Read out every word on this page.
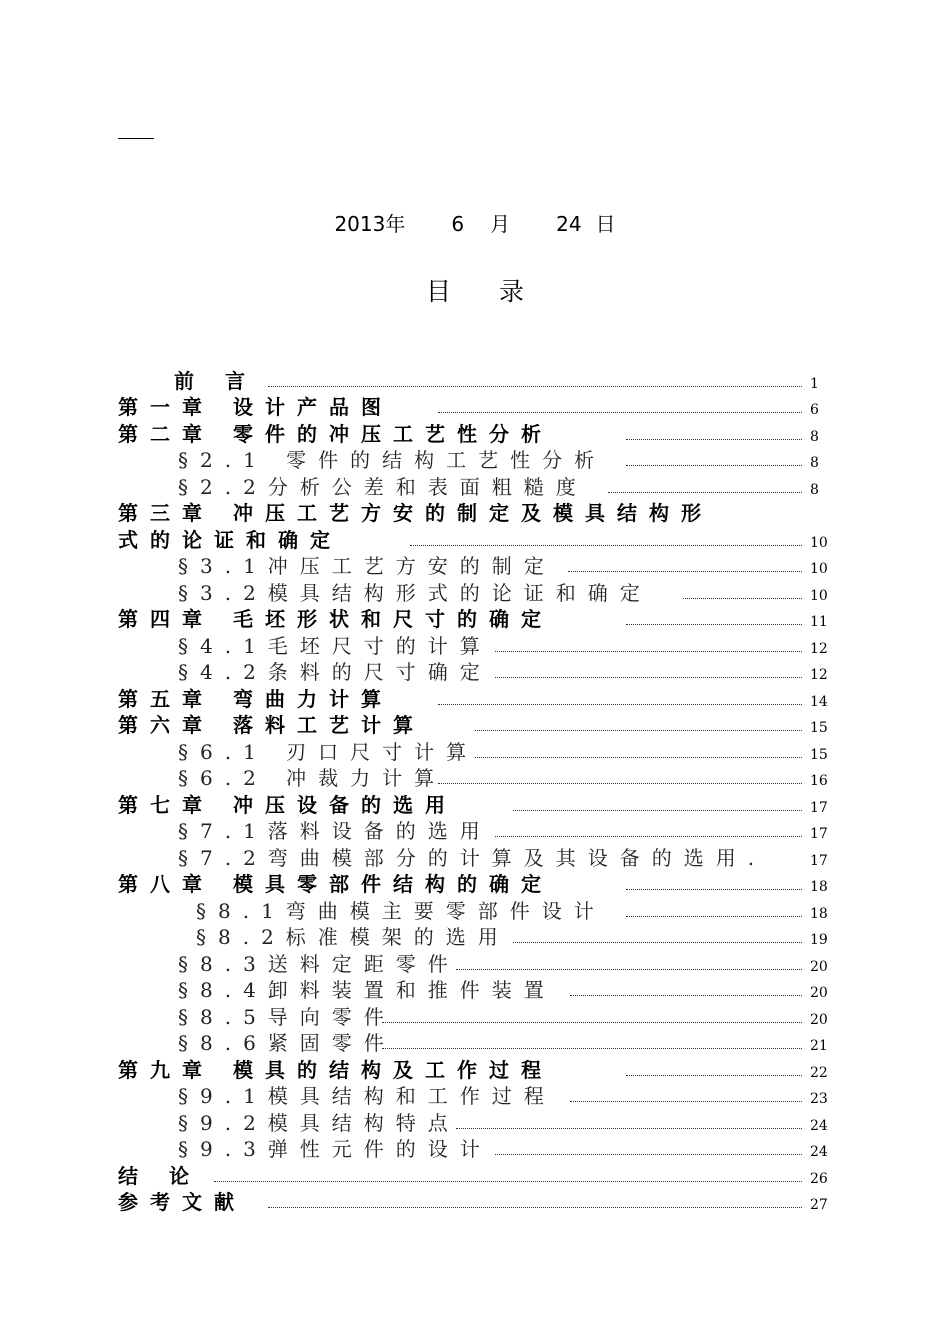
2013年 6 月 24 日
目 录
前 言	1
第一章 设计产品图	6
第二章 零件的冲压工艺性分析	8
§2.1 零件的结构工艺性分析	8
§2.2分析公差和表面粗糙度	8
第三章 冲压工艺方安的制定及模具结构形
式的论证和确定	10
§3.1冲压工艺方安的制定	10
§3.2模具结构形式的论证和确定	10
第四章 毛坯形状和尺寸的确定	11
§4.1毛坯尺寸的计算	12
§4.2条料的尺寸确定	12
第五章 弯曲力计算	14
第六章 落料工艺计算	15
§6.1 刃口尺寸计算	15
§6.2 冲裁力计算	16
第七章 冲压设备的选用	17
§7.1落料设备的选用	17
§7.2弯曲模部分的计算及其设备的选用.	17
第八章 模具零部件结构的确定	18
§8.1弯曲模主要零部件设计	18
§8.2标准模架的选用	19
§8.3送料定距零件	20
§8.4卸料装置和推件装置	20
§8.5导向零件	20
§8.6紧固零件	21
第九章 模具的结构及工作过程	22
§9.1模具结构和工作过程	23
§9.2模具结构特点	24
§9.3弹性元件的设计	24
结 论	26
参考文献	27
